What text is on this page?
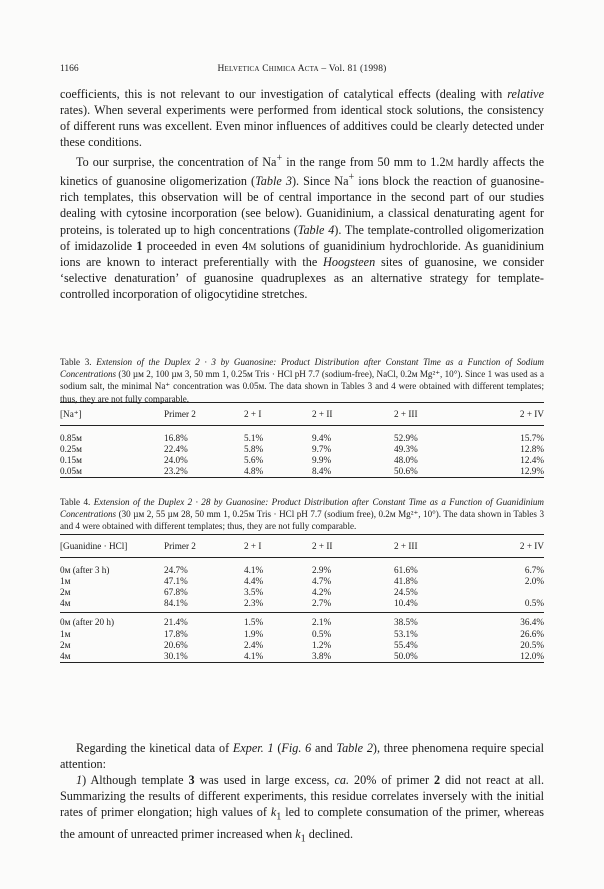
1166	Helvetica Chimica Acta – Vol. 81 (1998)

coefficients, this is not relevant to our investigation of catalytical effects (dealing with relative rates). When several experiments were performed from identical stock solutions, the consistency of different runs was excellent. Even minor influences of additives could be clearly detected under these conditions.

To our surprise, the concentration of Na+ in the range from 50 mm to 1.2м hardly affects the kinetics of guanosine oligomerization (Table 3). Since Na+ ions block the reaction of guanosine-rich templates, this observation will be of central importance in the second part of our studies dealing with cytosine incorporation (see below). Guanidinium, a classical denaturating agent for proteins, is tolerated up to high concentrations (Table 4). The template-controlled oligomerization of imidazolide 1 proceeded in even 4м solutions of guanidinium hydrochloride. As guanidinium ions are known to interact preferentially with the Hoogsteen sites of guanosine, we consider ‘selective denaturation’ of guanosine quadruplexes as an alternative strategy for template-controlled incorporation of oligocytidine stretches.

Table 3. Extension of the Duplex 2 · 3 by Guanosine: Product Distribution after Constant Time as a Function of Sodium Concentrations (30 µм 2, 100 µм 3, 50 mm 1, 0.25м Tris · HCl pH 7.7 (sodium-free), NaCl, 0.2м Mg²⁺, 10°). Since 1 was used as a sodium salt, the minimal Na⁺ concentration was 0.05м. The data shown in Tables 3 and 4 were obtained with different templates; thus, they are not fully comparable.

[Na⁺]	Primer 2	2 + I	2 + II	2 + III	2 + IV
0.85м	16.8%	5.1%	9.4%	52.9%	15.7%
0.25м	22.4%	5.8%	9.7%	49.3%	12.8%
0.15м	24.0%	5.6%	9.9%	48.0%	12.4%
0.05м	23.2%	4.8%	8.4%	50.6%	12.9%

Table 4. Extension of the Duplex 2 · 28 by Guanosine: Product Distribution after Constant Time as a Function of Guanidinium Concentrations (30 µм 2, 55 µм 28, 50 mm 1, 0.25м Tris · HCl pH 7.7 (sodium free), 0.2м Mg²⁺, 10°). The data shown in Tables 3 and 4 were obtained with different templates; thus, they are not fully comparable.

[Guanidine · HCl]	Primer 2	2 + I	2 + II	2 + III	2 + IV
0м (after 3 h)	24.7%	4.1%	2.9%	61.6%	6.7%
1м	47.1%	4.4%	4.7%	41.8%	2.0%
2м	67.8%	3.5%	4.2%	24.5%	
4м	84.1%	2.3%	2.7%	10.4%	0.5%
0м (after 20 h)	21.4%	1.5%	2.1%	38.5%	36.4%
1м	17.8%	1.9%	0.5%	53.1%	26.6%
2м	20.6%	2.4%	1.2%	55.4%	20.5%
4м	30.1%	4.1%	3.8%	50.0%	12.0%

Regarding the kinetical data of Exper. 1 (Fig. 6 and Table 2), three phenomena require special attention:

1) Although template 3 was used in large excess, ca. 20% of primer 2 did not react at all. Summarizing the results of different experiments, this residue correlates inversely with the initial rates of primer elongation; high values of $k_1$ led to complete consumation of the primer, whereas the amount of unreacted primer increased when $k_1$ declined.
